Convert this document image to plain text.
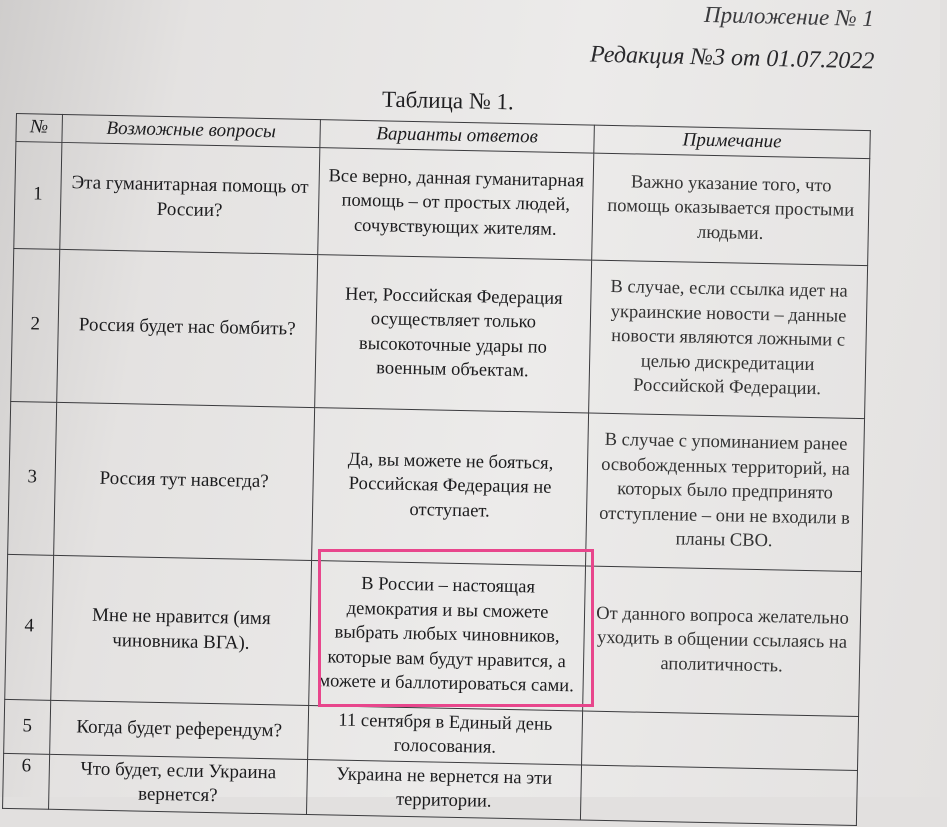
Приложение № 1
Редакция №3 от 01.07.2022
Таблица № 1.
№	Возможные вопросы	Варианты ответов	Примечание	
1	Эта гуманитарная помощь от России?	Все верно, данная гуманитарная помощь – от простых людей, сочувствующих жителям.	Важно указание того, что помощь оказывается простыми людьми.	
2	Россия будет нас бомбить?	Нет, Российская Федерация осуществляет только высокоточные удары по военным объектам.	В случае, если ссылка идет на украинские новости – данные новости являются ложными с целью дискредитации Российской Федерации.	
3	Россия тут навсегда?	Да, вы можете не бояться, Российская Федерация не отступает.	В случае с упоминанием ранее освобожденных территорий, на которых было предпринято отступление – они не входили в планы СВО.	
4	Мне не нравится (имя чиновника ВГА).	В России – настоящая демократия и вы сможете выбрать любых чиновников, которые вам будут нравится, а можете и баллотироваться сами.	От данного вопроса желательно уходить в общении ссылаясь на аполитичность.	
5	Когда будет референдум?	11 сентября в Единый день голосования.		
6	Что будет, если Украина вернется?	Украина не вернется на эти территории.		
